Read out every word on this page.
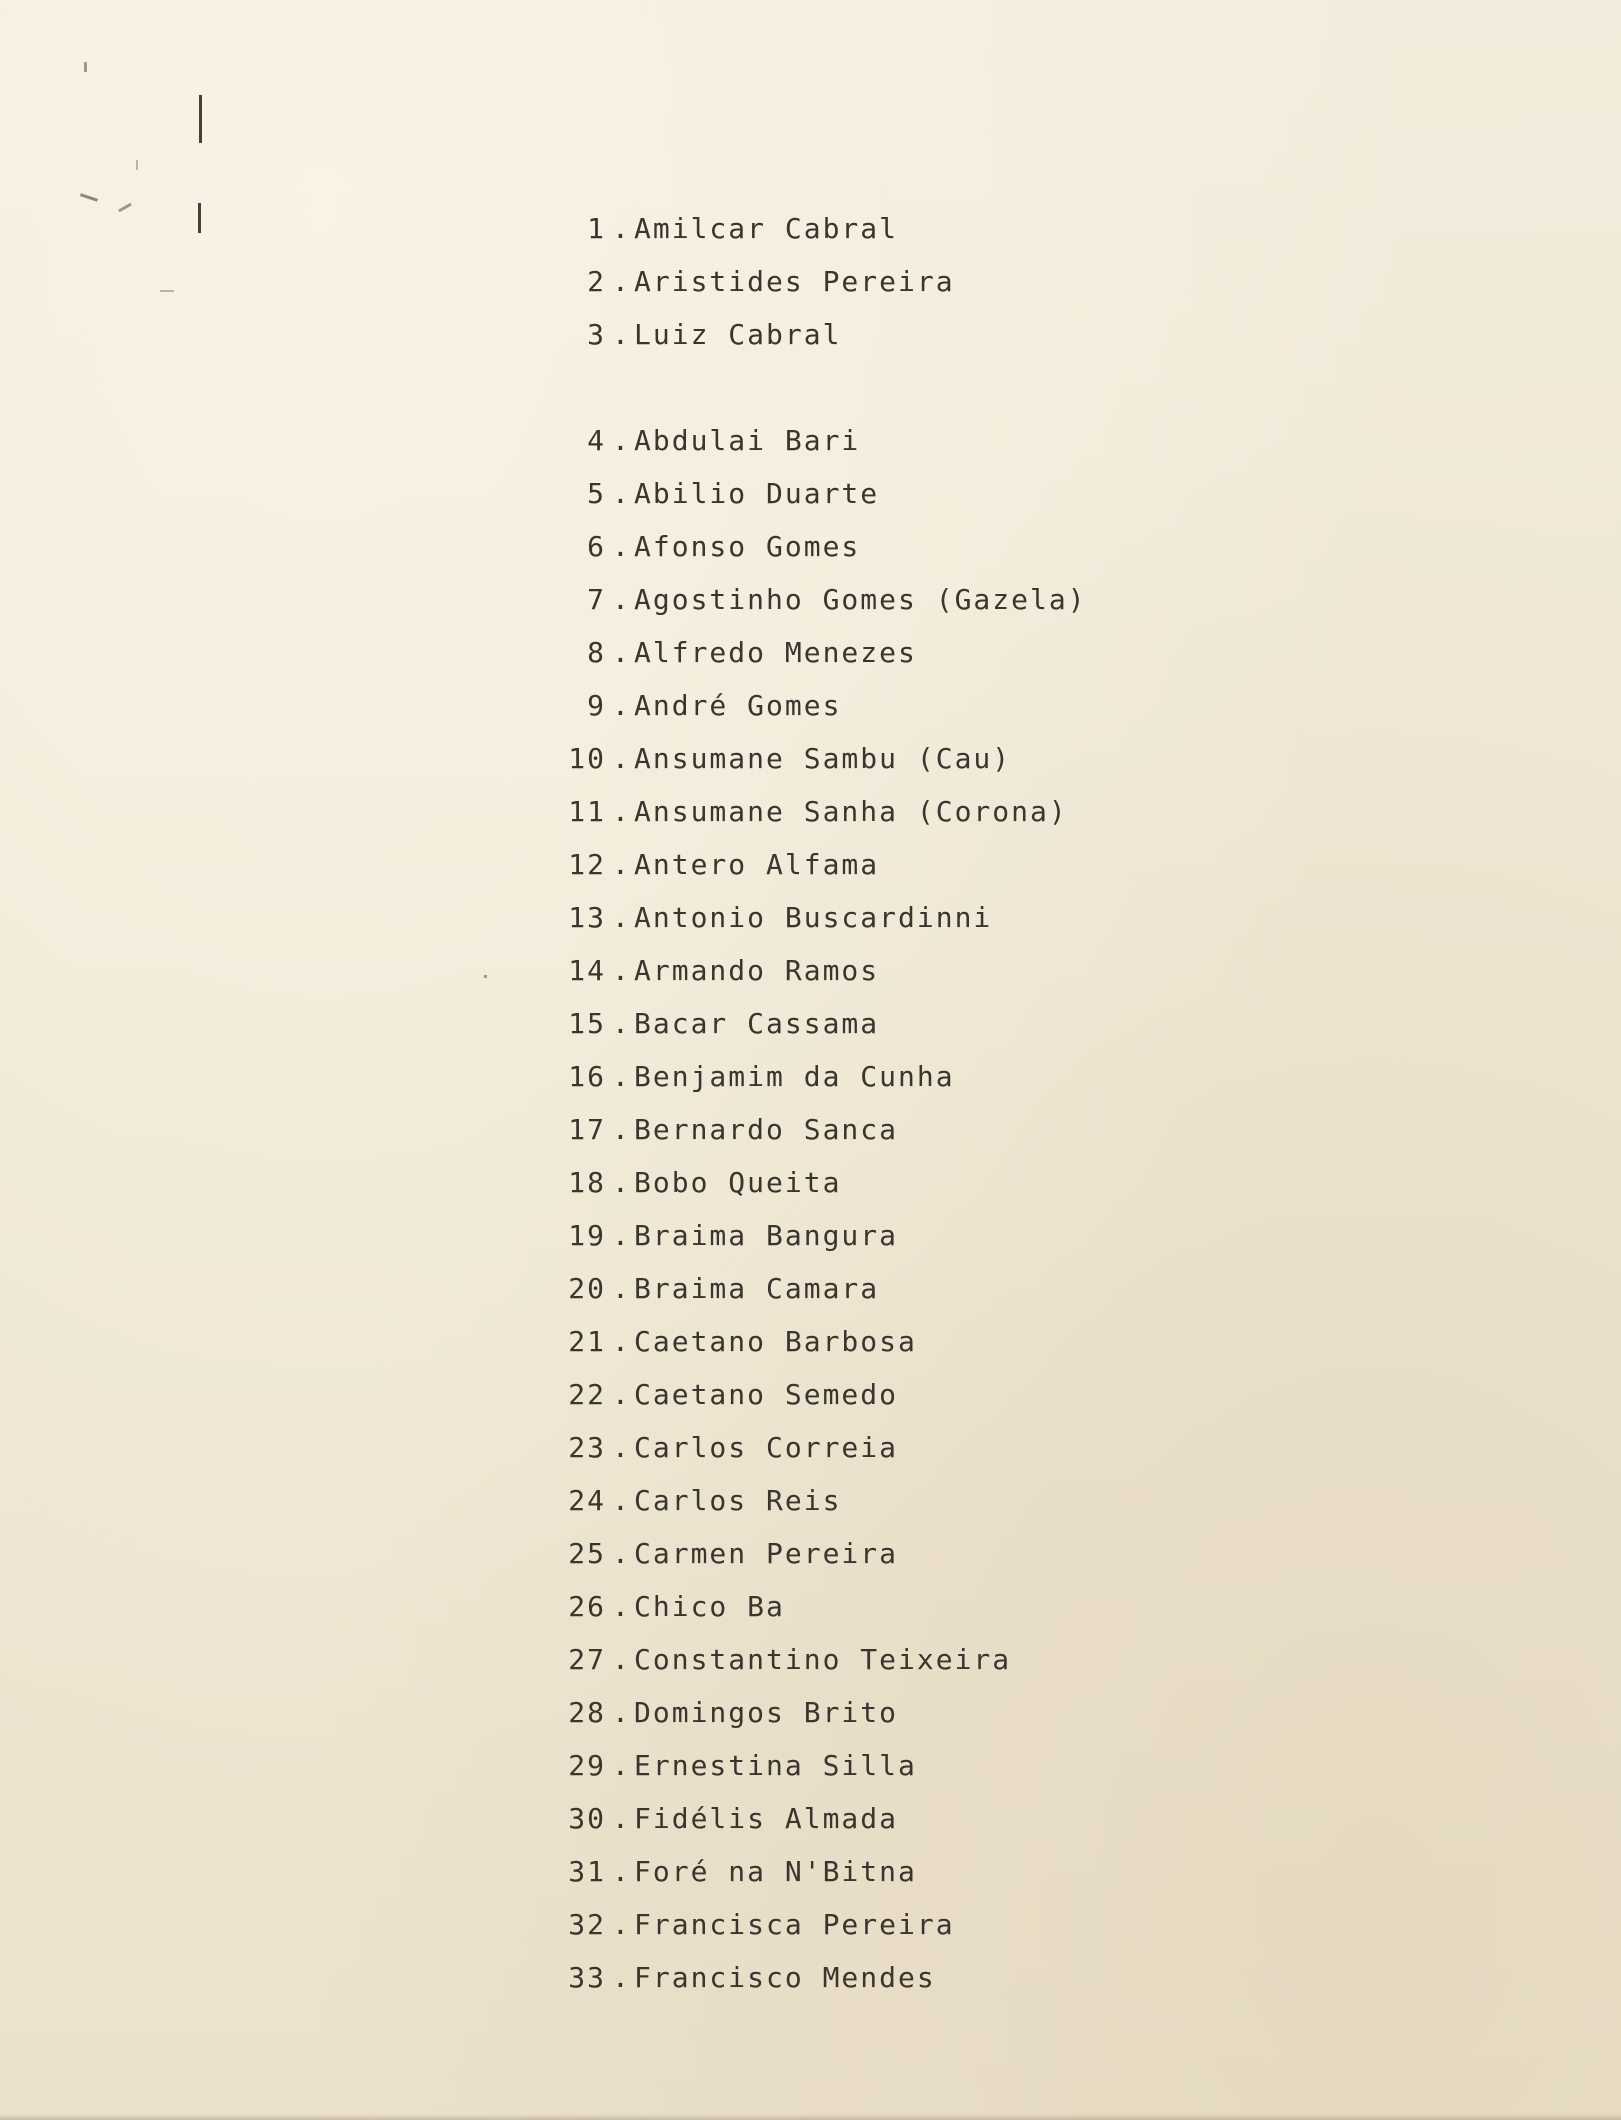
1 . Amilcar Cabral
2 . Aristides Pereira
3 . Luiz Cabral
4 . Abdulai Bari
5 . Abilio Duarte
6 . Afonso Gomes
7 . Agostinho Gomes (Gazela)
8 . Alfredo Menezes
9 . André Gomes
10 . Ansumane Sambu (Cau)
11 . Ansumane Sanha (Corona)
12 . Antero Alfama
13 . Antonio Buscardinni
14 . Armando Ramos
15 . Bacar Cassama
16 . Benjamim da Cunha
17 . Bernardo Sanca
18 . Bobo Queita
19 . Braima Bangura
20 . Braima Camara
21 . Caetano Barbosa
22 . Caetano Semedo
23 . Carlos Correia
24 . Carlos Reis
25 . Carmen Pereira
26 . Chico Ba
27 . Constantino Teixeira
28 . Domingos Brito
29 . Ernestina Silla
30 . Fidélis Almada
31 . Foré na N'Bitna
32 . Francisca Pereira
33 . Francisco Mendes
